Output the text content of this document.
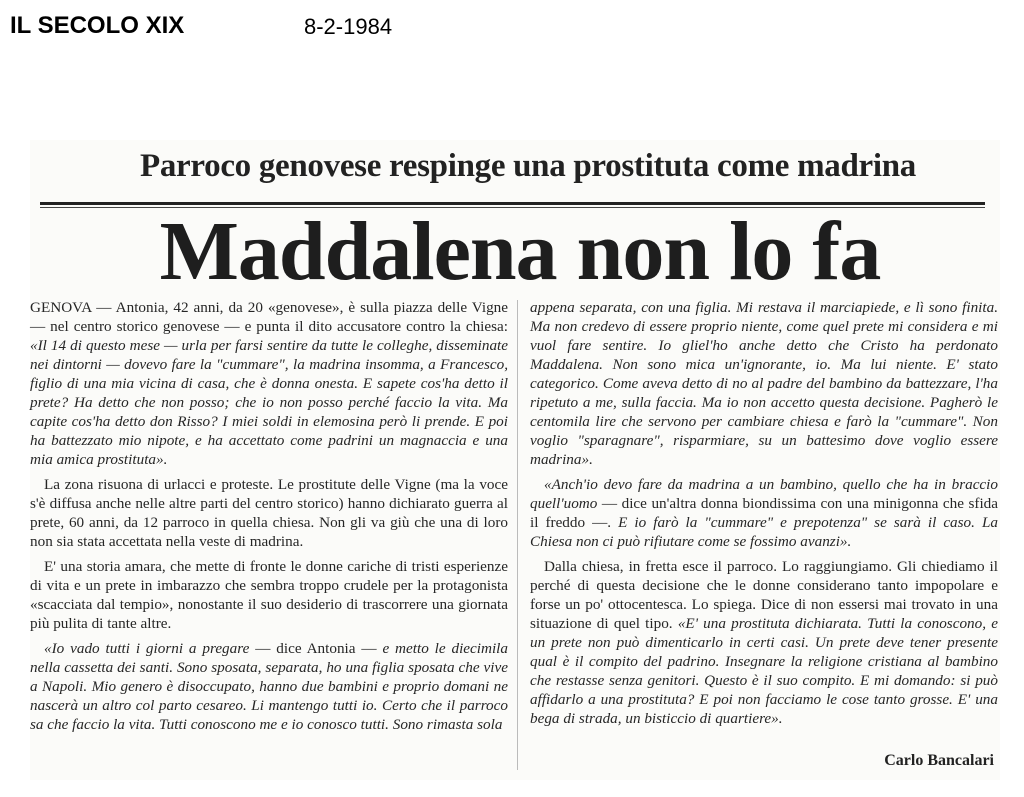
IL SECOLO XIX	8-2-1984
Parroco genovese respinge una prostituta come madrina
Maddalena non lo fa

GENOVA — Antonia, 42 anni, da 20 «genovese», è sulla piazza delle Vigne — nel centro storico genovese — e punta il dito accusatore contro la chiesa: «Il 14 di questo mese — urla per farsi sentire da tutte le colleghe, disseminate nei dintorni — dovevo fare la "cummare", la madrina insomma, a Francesco, figlio di una mia vicina di casa, che è donna onesta. E sapete cos'ha detto il prete? Ha detto che non posso; che io non posso perché faccio la vita. Ma capite cos'ha detto don Risso? I miei soldi in elemosina però li prende. E poi ha battezzato mio nipote, e ha accettato come padrini un magnaccia e una mia amica prostituta».

La zona risuona di urlacci e proteste. Le prostitute delle Vigne (ma la voce s'è diffusa anche nelle altre parti del centro storico) hanno dichiarato guerra al prete, 60 anni, da 12 parroco in quella chiesa. Non gli va giù che una di loro non sia stata accettata nella veste di madrina.

E' una storia amara, che mette di fronte le donne cariche di tristi esperienze di vita e un prete in imbarazzo che sembra troppo crudele per la protagonista «scacciata dal tempio», nonostante il suo desiderio di trascorrere una giornata più pulita di tante altre.

«Io vado tutti i giorni a pregare — dice Antonia — e metto le diecimila nella cassetta dei santi. Sono sposata, separata, ho una figlia sposata che vive a Napoli. Mio genero è disoccupato, hanno due bambini e proprio domani ne nascerà un altro col parto cesareo. Li mantengo tutti io. Certo che il parroco sa che faccio la vita. Tutti conoscono me e io conosco tutti. Sono rimasta sola

appena separata, con una figlia. Mi restava il marciapiede, e lì sono finita. Ma non credevo di essere proprio niente, come quel prete mi considera e mi vuol fare sentire. Io gliel'ho anche detto che Cristo ha perdonato Maddalena. Non sono mica un'ignorante, io. Ma lui niente. E' stato categorico. Come aveva detto di no al padre del bambino da battezzare, l'ha ripetuto a me, sulla faccia. Ma io non accetto questa decisione. Pagherò le centomila lire che servono per cambiare chiesa e farò la "cummare". Non voglio "sparagnare", risparmiare, su un battesimo dove voglio essere madrina».

«Anch'io devo fare da madrina a un bambino, quello che ha in braccio quell'uomo — dice un'altra donna biondissima con una minigonna che sfida il freddo —. E io farò la "cummare" e prepotenza" se sarà il caso. La Chiesa non ci può rifiutare come se fossimo avanzi».

Dalla chiesa, in fretta esce il parroco. Lo raggiungiamo. Gli chiediamo il perché di questa decisione che le donne considerano tanto impopolare e forse un po' ottocentesca. Lo spiega. Dice di non essersi mai trovato in una situazione di quel tipo. «E' una prostituta dichiarata. Tutti la conoscono, e un prete non può dimenticarlo in certi casi. Un prete deve tener presente qual è il compito del padrino. Insegnare la religione cristiana al bambino che restasse senza genitori. Questo è il suo compito. E mi domando: si può affidarlo a una prostituta? E poi non facciamo le cose tanto grosse. E' una bega di strada, un bisticcio di quartiere».

Carlo Bancalari
